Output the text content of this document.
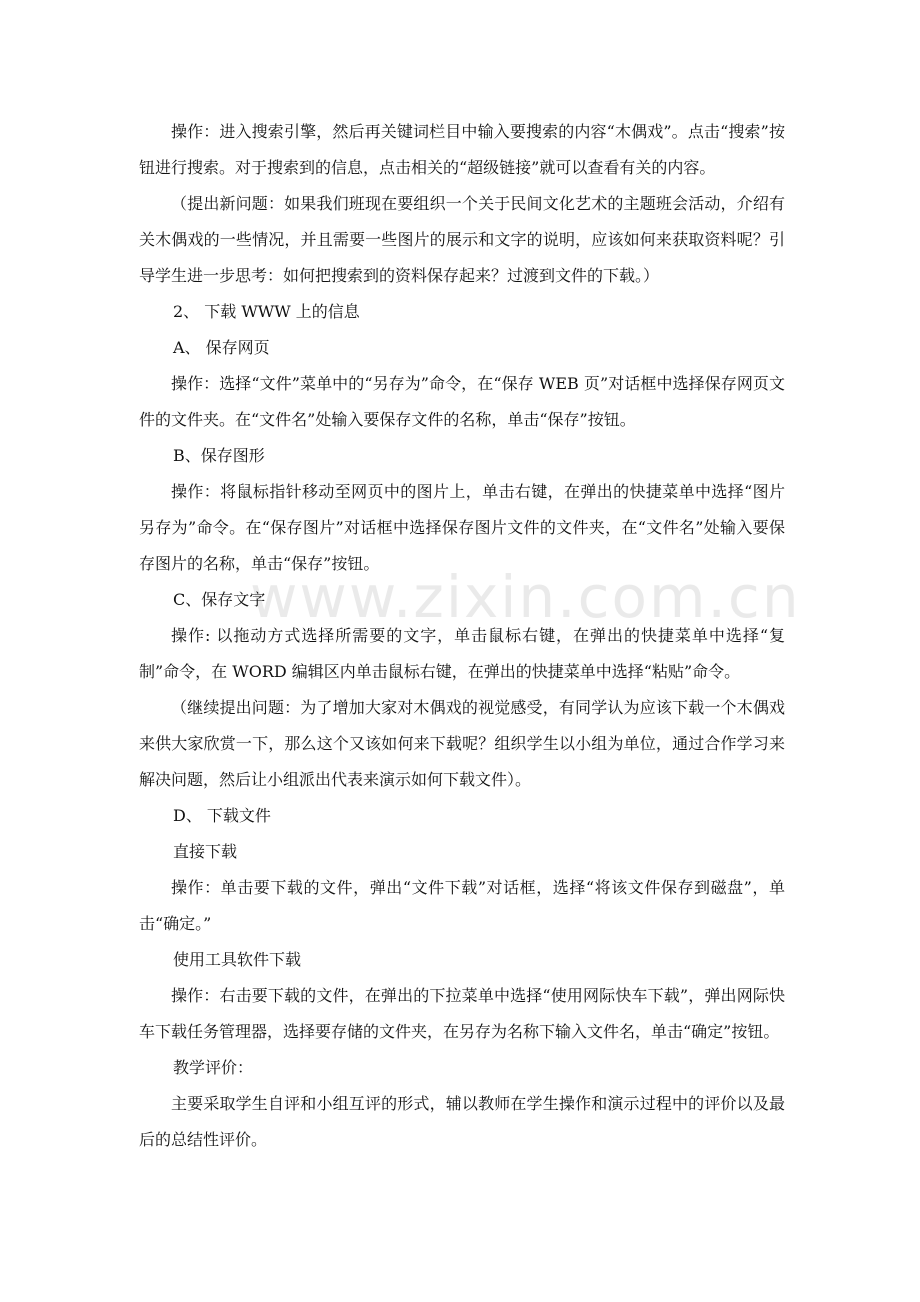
www.zixin.com.cn

操作：进入搜索引擎，然后再关键词栏目中输入要搜索的内容“木偶戏”。点击“搜索”按钮进行搜索。对于搜索到的信息，点击相关的“超级链接”就可以查看有关的内容。

（提出新问题：如果我们班现在要组织一个关于民间文化艺术的主题班会活动，介绍有关木偶戏的一些情况，并且需要一些图片的展示和文字的说明，应该如何来获取资料呢？引导学生进一步思考：如何把搜索到的资料保存起来？过渡到文件的下载。）

2、 下载 WWW 上的信息

A、 保存网页

操作：选择“文件”菜单中的“另存为”命令，在“保存 WEB 页”对话框中选择保存网页文件的文件夹。在“文件名”处输入要保存文件的名称，单击“保存”按钮。

B、保存图形

操作：将鼠标指针移动至网页中的图片上，单击右键，在弹出的快捷菜单中选择“图片另存为”命令。在“保存图片”对话框中选择保存图片文件的文件夹，在“文件名”处输入要保存图片的名称，单击“保存”按钮。

C、保存文字

操作: 以拖动方式选择所需要的文字，单击鼠标右键，在弹出的快捷菜单中选择“复制”命令，在 WORD 编辑区内单击鼠标右键，在弹出的快捷菜单中选择“粘贴”命令。

（继续提出问题：为了增加大家对木偶戏的视觉感受，有同学认为应该下载一个木偶戏来供大家欣赏一下，那么这个又该如何来下载呢？组织学生以小组为单位，通过合作学习来解决问题，然后让小组派出代表来演示如何下载文件）。

D、 下载文件

直接下载

操作：单击要下载的文件，弹出“文件下载”对话框，选择“将该文件保存到磁盘”，单击“确定。”

使用工具软件下载

操作：右击要下载的文件，在弹出的下拉菜单中选择“使用网际快车下载”，弹出网际快车下载任务管理器，选择要存储的文件夹，在另存为名称下输入文件名，单击“确定”按钮。

教学评价：

主要采取学生自评和小组互评的形式，辅以教师在学生操作和演示过程中的评价以及最后的总结性评价。
